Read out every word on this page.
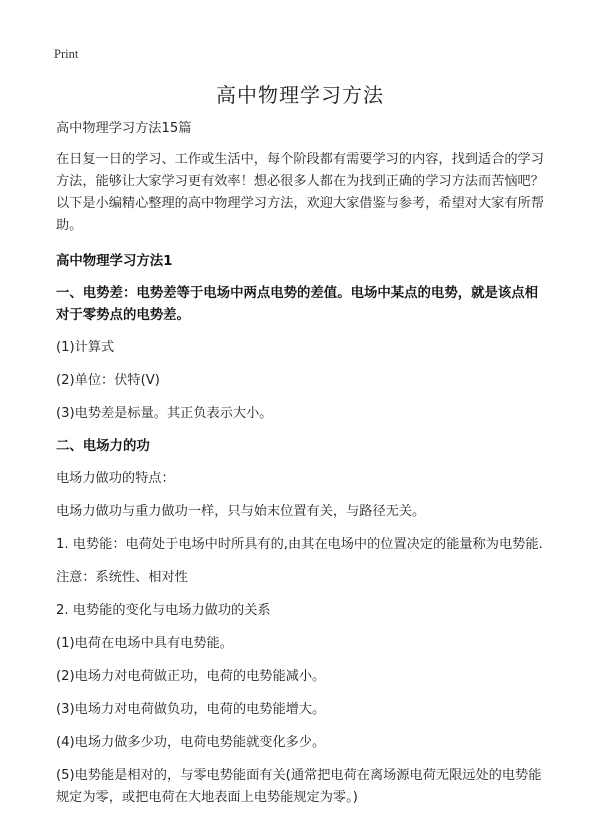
Print
高中物理学习方法

高中物理学习方法15篇

在日复一日的学习、工作或生活中，每个阶段都有需要学习的内容，找到适合的学习方法，能够让大家学习更有效率！想必很多人都在为找到正确的学习方法而苦恼吧？以下是小编精心整理的高中物理学习方法，欢迎大家借鉴与参考，希望对大家有所帮助。

高中物理学习方法1

一、电势差：电势差等于电场中两点电势的差值。电场中某点的电势，就是该点相对于零势点的电势差。

(1)计算式

(2)单位：伏特(V)

(3)电势差是标量。其正负表示大小。

二、电场力的功

电场力做功的特点：

电场力做功与重力做功一样，只与始末位置有关，与路径无关。

1. 电势能：电荷处于电场中时所具有的,由其在电场中的位置决定的能量称为电势能.

注意：系统性、相对性

2. 电势能的变化与电场力做功的关系

(1)电荷在电场中具有电势能。

(2)电场力对电荷做正功，电荷的电势能减小。

(3)电场力对电荷做负功，电荷的电势能增大。

(4)电场力做多少功，电荷电势能就变化多少。

(5)电势能是相对的，与零电势能面有关(通常把电荷在离场源电荷无限远处的电势能规定为零，或把电荷在大地表面上电势能规定为零。)
